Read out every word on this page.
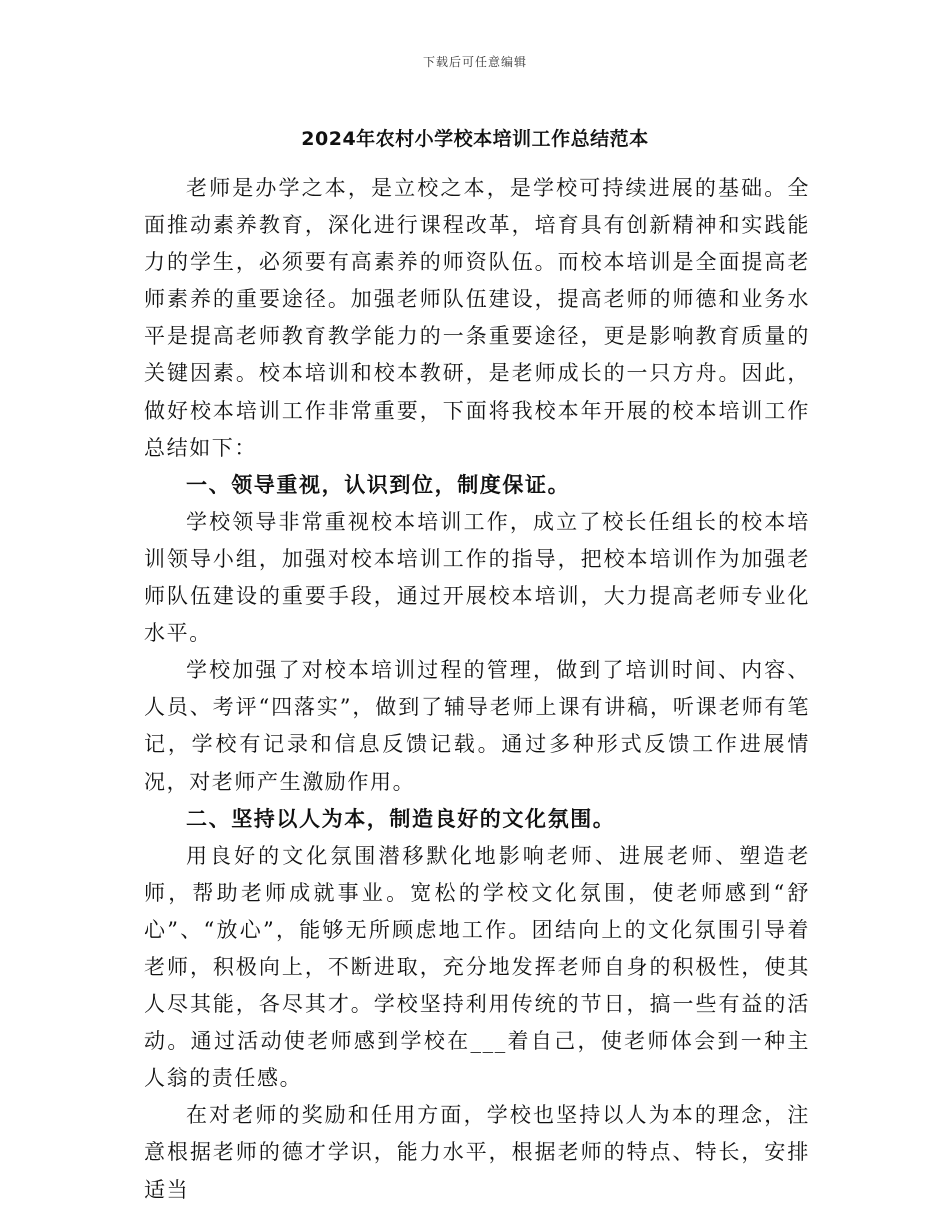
下载后可任意编辑
2024年农村小学校本培训工作总结范本

老师是办学之本，是立校之本，是学校可持续进展的基础。全面推动素养教育，深化进行课程改革，培育具有创新精神和实践能力的学生，必须要有高素养的师资队伍。而校本培训是全面提高老师素养的重要途径。加强老师队伍建设，提高老师的师德和业务水平是提高老师教育教学能力的一条重要途径，更是影响教育质量的关键因素。校本培训和校本教研，是老师成长的一只方舟。因此，做好校本培训工作非常重要，下面将我校本年开展的校本培训工作总结如下：

一、领导重视，认识到位，制度保证。

学校领导非常重视校本培训工作，成立了校长任组长的校本培训领导小组，加强对校本培训工作的指导，把校本培训作为加强老师队伍建设的重要手段，通过开展校本培训，大力提高老师专业化水平。

学校加强了对校本培训过程的管理，做到了培训时间、内容、人员、考评“四落实”，做到了辅导老师上课有讲稿，听课老师有笔记，学校有记录和信息反馈记载。通过多种形式反馈工作进展情况，对老师产生激励作用。

二、坚持以人为本，制造良好的文化氛围。

用良好的文化氛围潜移默化地影响老师、进展老师、塑造老师，帮助老师成就事业。宽松的学校文化氛围，使老师感到“舒心”、“放心”，能够无所顾虑地工作。团结向上的文化氛围引导着老师，积极向上，不断进取，充分地发挥老师自身的积极性，使其人尽其能，各尽其才。学校坚持利用传统的节日，搞一些有益的活动。通过活动使老师感到学校在___着自己，使老师体会到一种主人翁的责任感。

在对老师的奖励和任用方面，学校也坚持以人为本的理念，注意根据老师的德才学识，能力水平，根据老师的特点、特长，安排适当
